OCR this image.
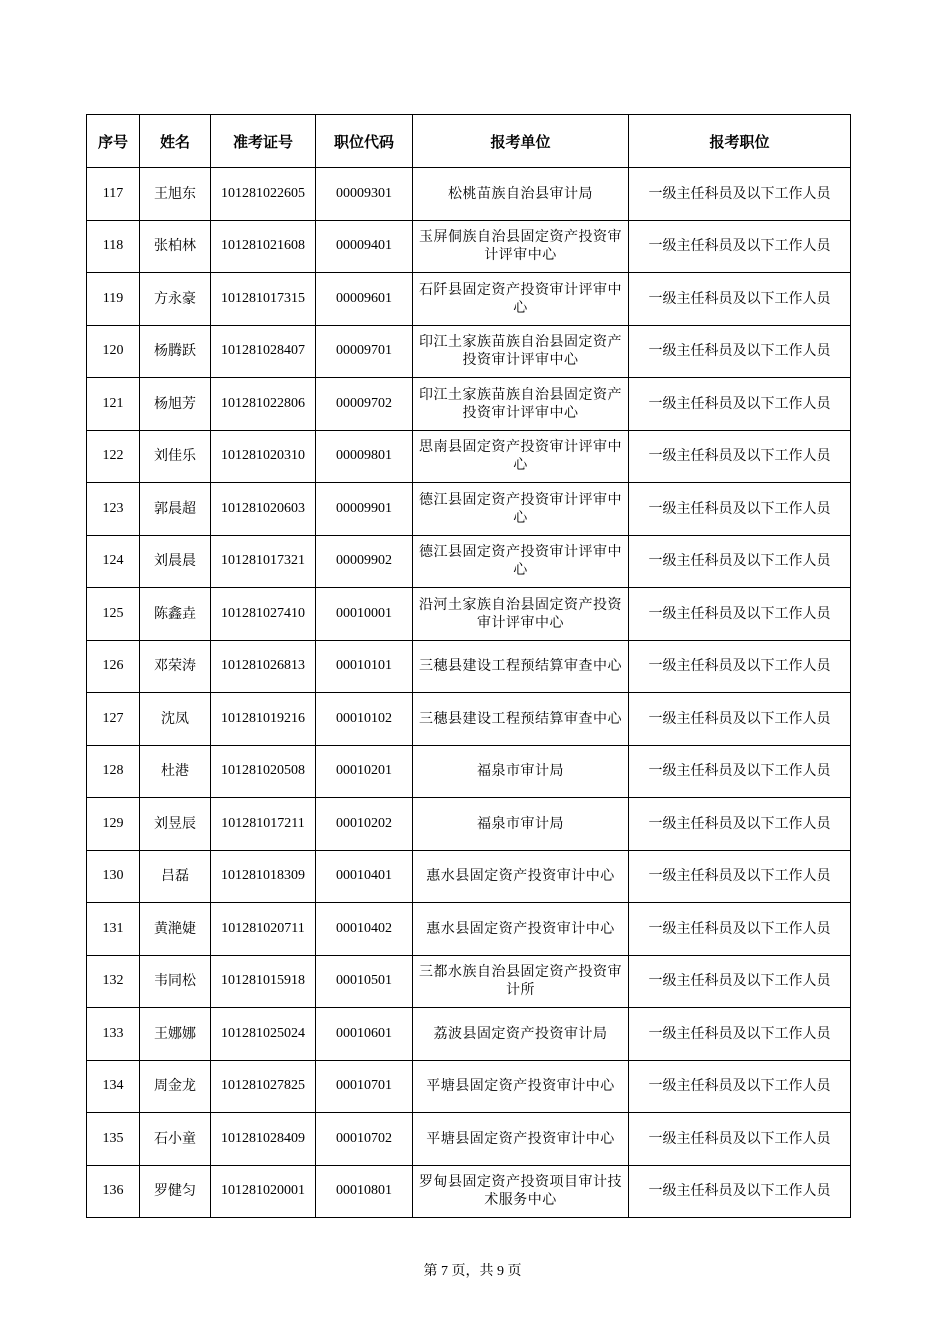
序号	姓名	准考证号	职位代码	报考单位	报考职位
117	王旭东	101281022605	00009301	松桃苗族自治县审计局	一级主任科员及以下工作人员
118	张柏林	101281021608	00009401	玉屏侗族自治县固定资产投资审计评审中心	一级主任科员及以下工作人员
119	方永豪	101281017315	00009601	石阡县固定资产投资审计评审中心	一级主任科员及以下工作人员
120	杨腾跃	101281028407	00009701	印江土家族苗族自治县固定资产投资审计评审中心	一级主任科员及以下工作人员
121	杨旭芳	101281022806	00009702	印江土家族苗族自治县固定资产投资审计评审中心	一级主任科员及以下工作人员
122	刘佳乐	101281020310	00009801	思南县固定资产投资审计评审中心	一级主任科员及以下工作人员
123	郭晨超	101281020603	00009901	德江县固定资产投资审计评审中心	一级主任科员及以下工作人员
124	刘晨晨	101281017321	00009902	德江县固定资产投资审计评审中心	一级主任科员及以下工作人员
125	陈鑫垚	101281027410	00010001	沿河土家族自治县固定资产投资审计评审中心	一级主任科员及以下工作人员
126	邓荣涛	101281026813	00010101	三穗县建设工程预结算审查中心	一级主任科员及以下工作人员
127	沈凤	101281019216	00010102	三穗县建设工程预结算审查中心	一级主任科员及以下工作人员
128	杜港	101281020508	00010201	福泉市审计局	一级主任科员及以下工作人员
129	刘昱辰	101281017211	00010202	福泉市审计局	一级主任科员及以下工作人员
130	吕磊	101281018309	00010401	惠水县固定资产投资审计中心	一级主任科员及以下工作人员
131	黄滟婕	101281020711	00010402	惠水县固定资产投资审计中心	一级主任科员及以下工作人员
132	韦同松	101281015918	00010501	三都水族自治县固定资产投资审计所	一级主任科员及以下工作人员
133	王娜娜	101281025024	00010601	荔波县固定资产投资审计局	一级主任科员及以下工作人员
134	周金龙	101281027825	00010701	平塘县固定资产投资审计中心	一级主任科员及以下工作人员
135	石小童	101281028409	00010702	平塘县固定资产投资审计中心	一级主任科员及以下工作人员
136	罗健匀	101281020001	00010801	罗甸县固定资产投资项目审计技术服务中心	一级主任科员及以下工作人员
第 7 页，共 9 页
